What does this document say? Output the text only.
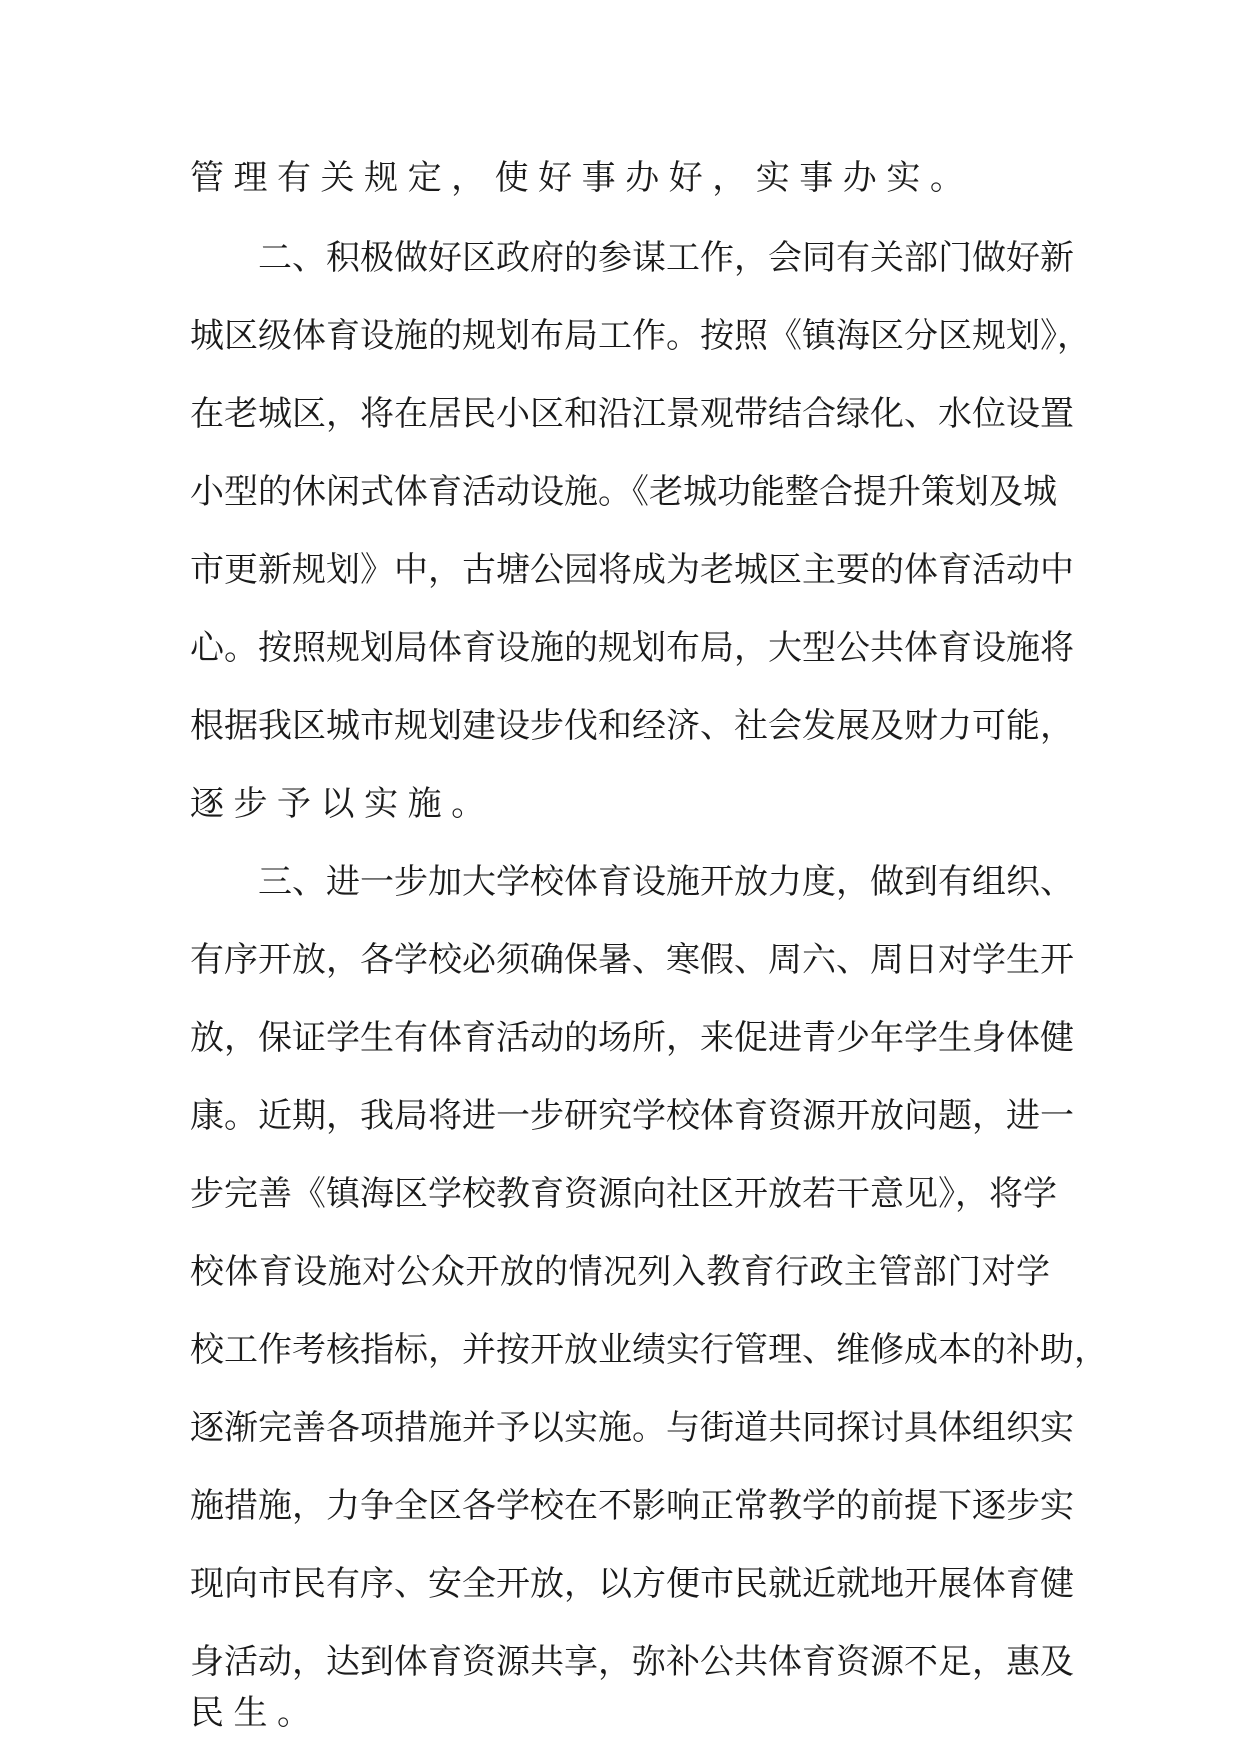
管理有关规定，使好事办好，实事办实。
二、积极做好区政府的参谋工作，会同有关部门做好新
城区级体育设施的规划布局工作。按照《镇海区分区规划》，
在老城区，将在居民小区和沿江景观带结合绿化、水位设置
小型的休闲式体育活动设施。《老城功能整合提升策划及城
市更新规划》中，古塘公园将成为老城区主要的体育活动中
心。按照规划局体育设施的规划布局，大型公共体育设施将
根据我区城市规划建设步伐和经济、社会发展及财力可能，
逐步予以实施。
三、进一步加大学校体育设施开放力度，做到有组织、
有序开放，各学校必须确保暑、寒假、周六、周日对学生开
放，保证学生有体育活动的场所，来促进青少年学生身体健
康。近期，我局将进一步研究学校体育资源开放问题，进一
步完善《镇海区学校教育资源向社区开放若干意见》，将学
校体育设施对公众开放的情况列入教育行政主管部门对学
校工作考核指标，并按开放业绩实行管理、维修成本的补助，
逐渐完善各项措施并予以实施。与街道共同探讨具体组织实
施措施，力争全区各学校在不影响正常教学的前提下逐步实
现向市民有序、安全开放，以方便市民就近就地开展体育健
身活动，达到体育资源共享，弥补公共体育资源不足，惠及
民生。
